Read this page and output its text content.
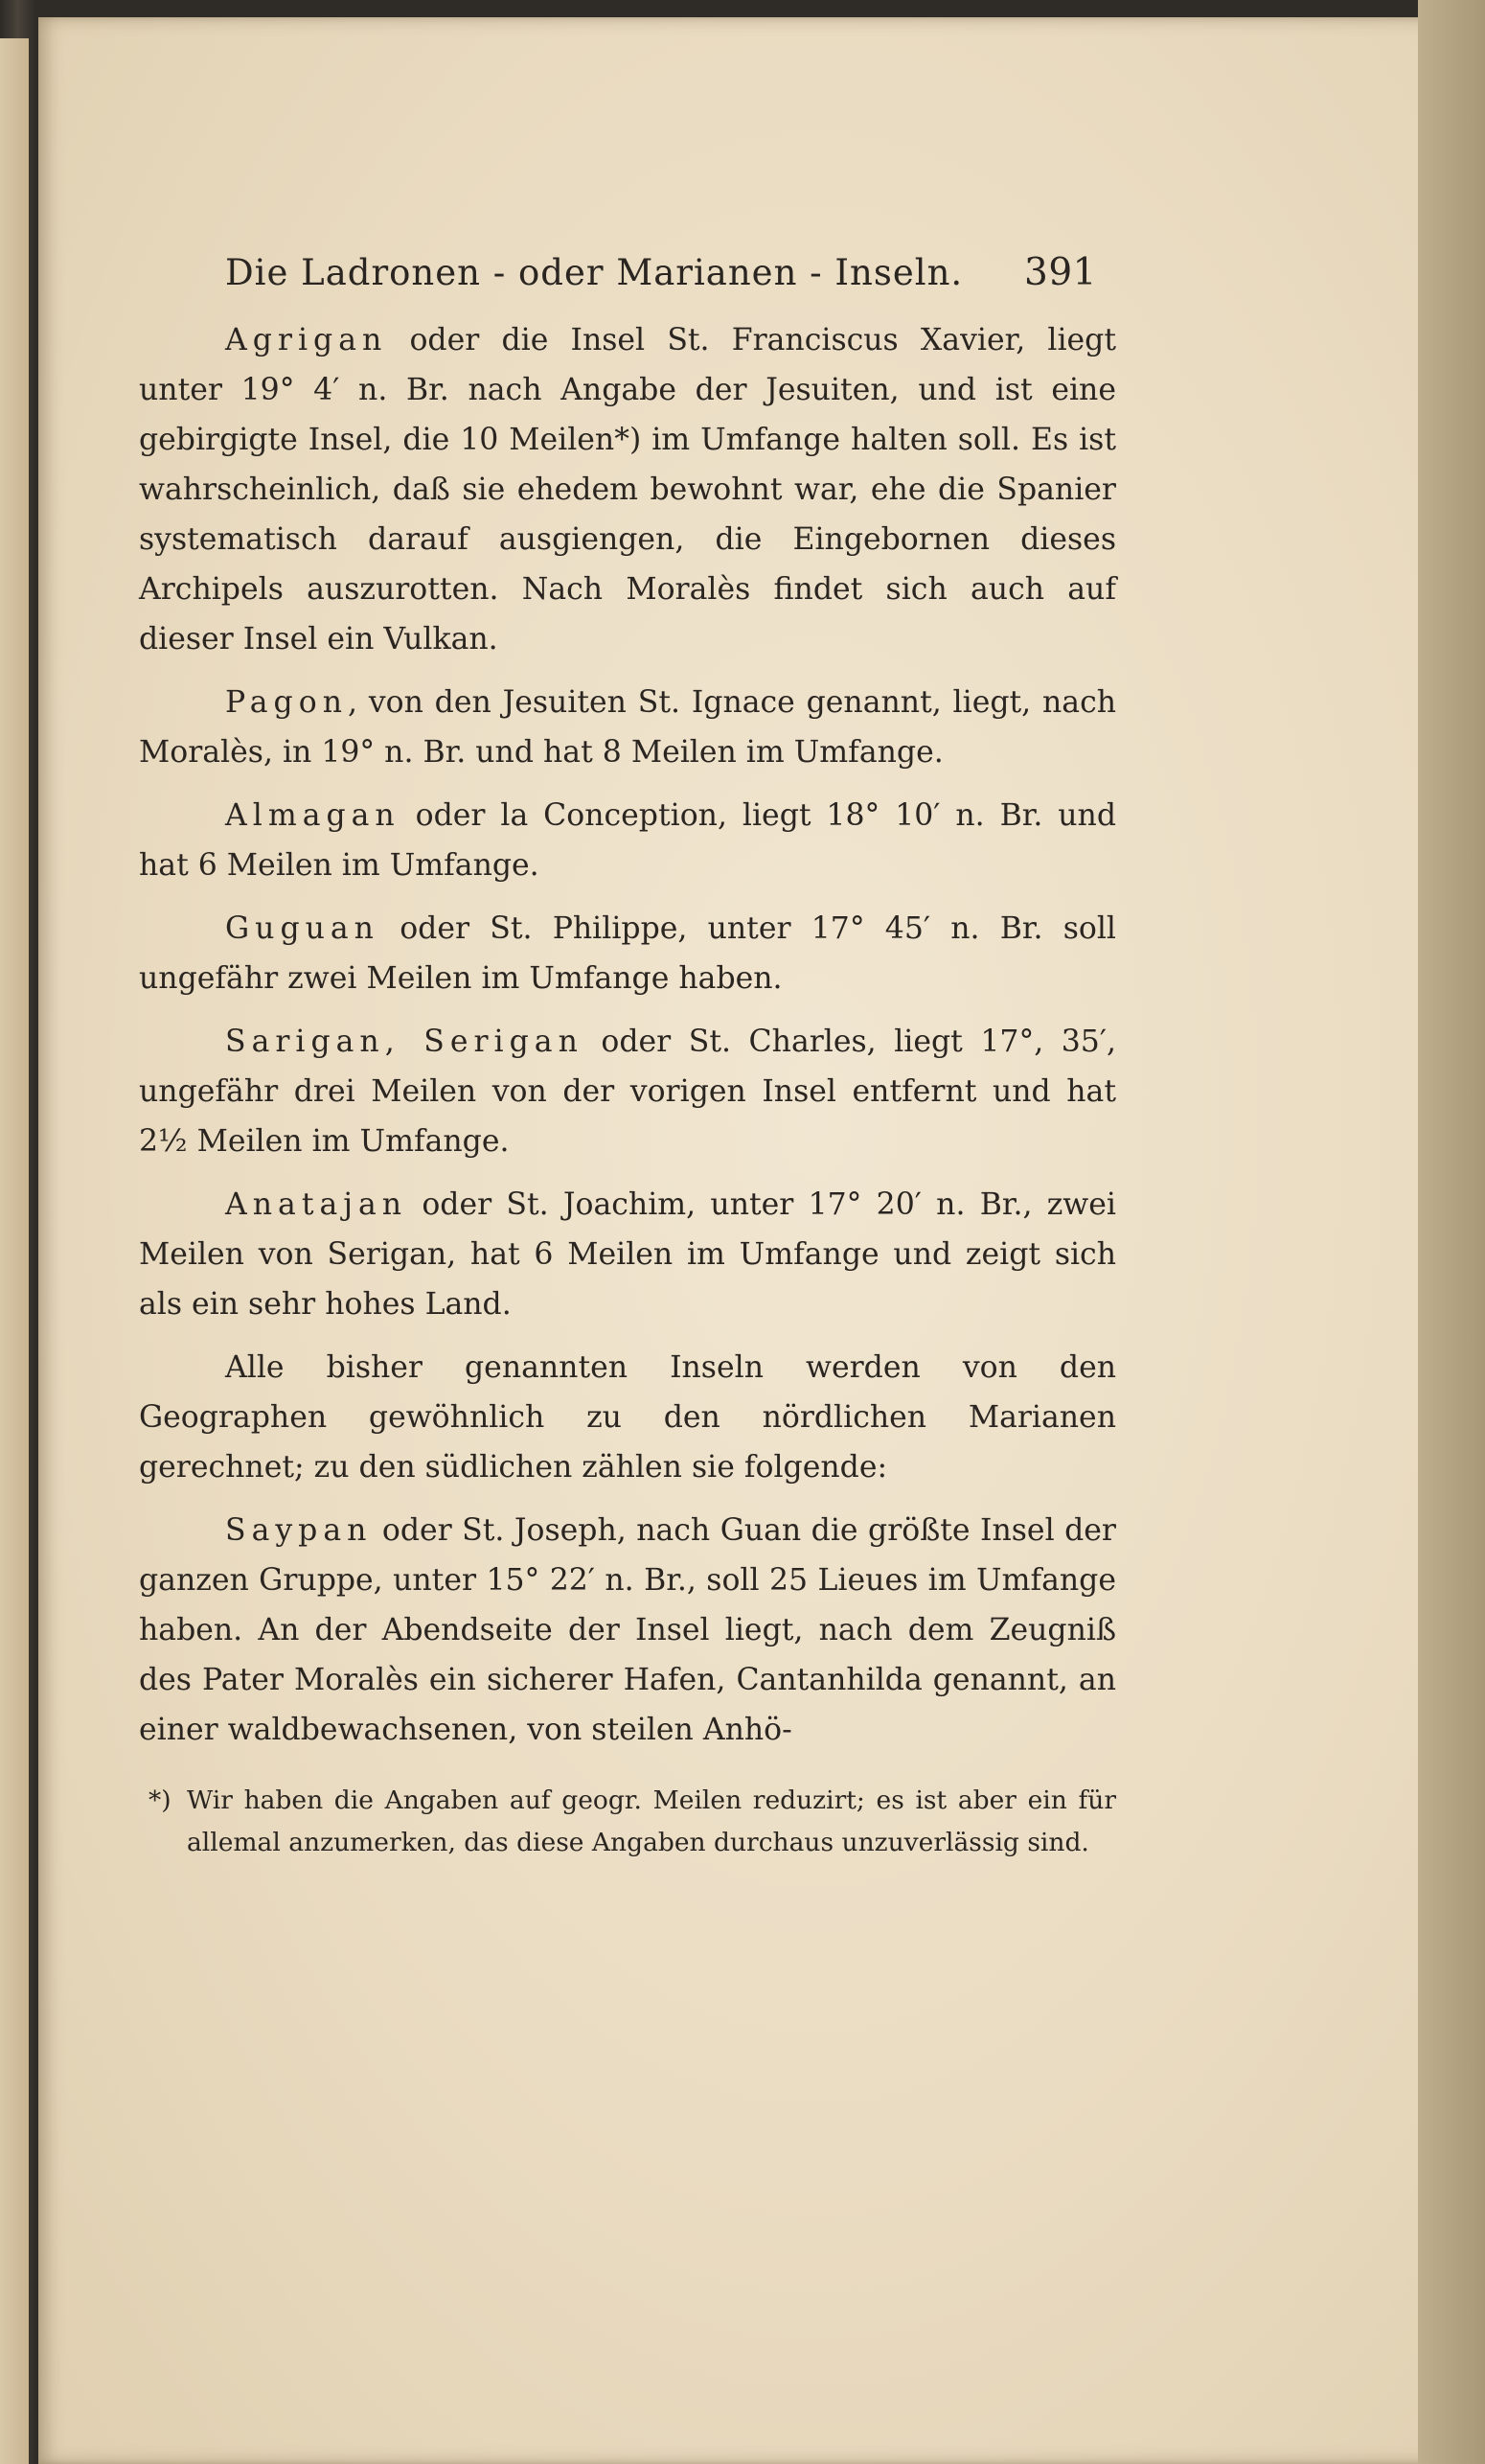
Die Ladronen - oder Marianen - Inseln. 391

Agrigan oder die Insel St. Franciscus Xavier, liegt unter 19° 4′ n. Br. nach Angabe der Jesuiten, und ist eine gebirgigte Insel, die 10 Meilen*) im Umfange halten soll. Es ist wahrscheinlich, daß sie ehedem bewohnt war, ehe die Spanier systematisch darauf ausgiengen, die Eingebornen dieses Archipels auszurotten. Nach Moralès findet sich auch auf dieser Insel ein Vulkan.

Pagon, von den Jesuiten St. Ignace genannt, liegt, nach Moralès, in 19° n. Br. und hat 8 Meilen im Umfange.

Almagan oder la Conception, liegt 18° 10′ n. Br. und hat 6 Meilen im Umfange.

Guguan oder St. Philippe, unter 17° 45′ n. Br. soll ungefähr zwei Meilen im Umfange haben.

Sarigan, Serigan oder St. Charles, liegt 17°, 35′, ungefähr drei Meilen von der vorigen Insel entfernt und hat 2½ Meilen im Umfange.

Anatajan oder St. Joachim, unter 17° 20′ n. Br., zwei Meilen von Serigan, hat 6 Meilen im Umfange und zeigt sich als ein sehr hohes Land.

Alle bisher genannten Inseln werden von den Geographen gewöhnlich zu den nördlichen Marianen gerechnet; zu den südlichen zählen sie folgende:

Saypan oder St. Joseph, nach Guan die größte Insel der ganzen Gruppe, unter 15° 22′ n. Br., soll 25 Lieues im Umfange haben. An der Abendseite der Insel liegt, nach dem Zeugniß des Pater Moralès ein sicherer Hafen, Cantanhilda genannt, an einer waldbewachsenen, von steilen Anhö-

*) Wir haben die Angaben auf geogr. Meilen reduzirt; es ist aber ein für allemal anzumerken, das diese Angaben durchaus unzuverlässig sind.
